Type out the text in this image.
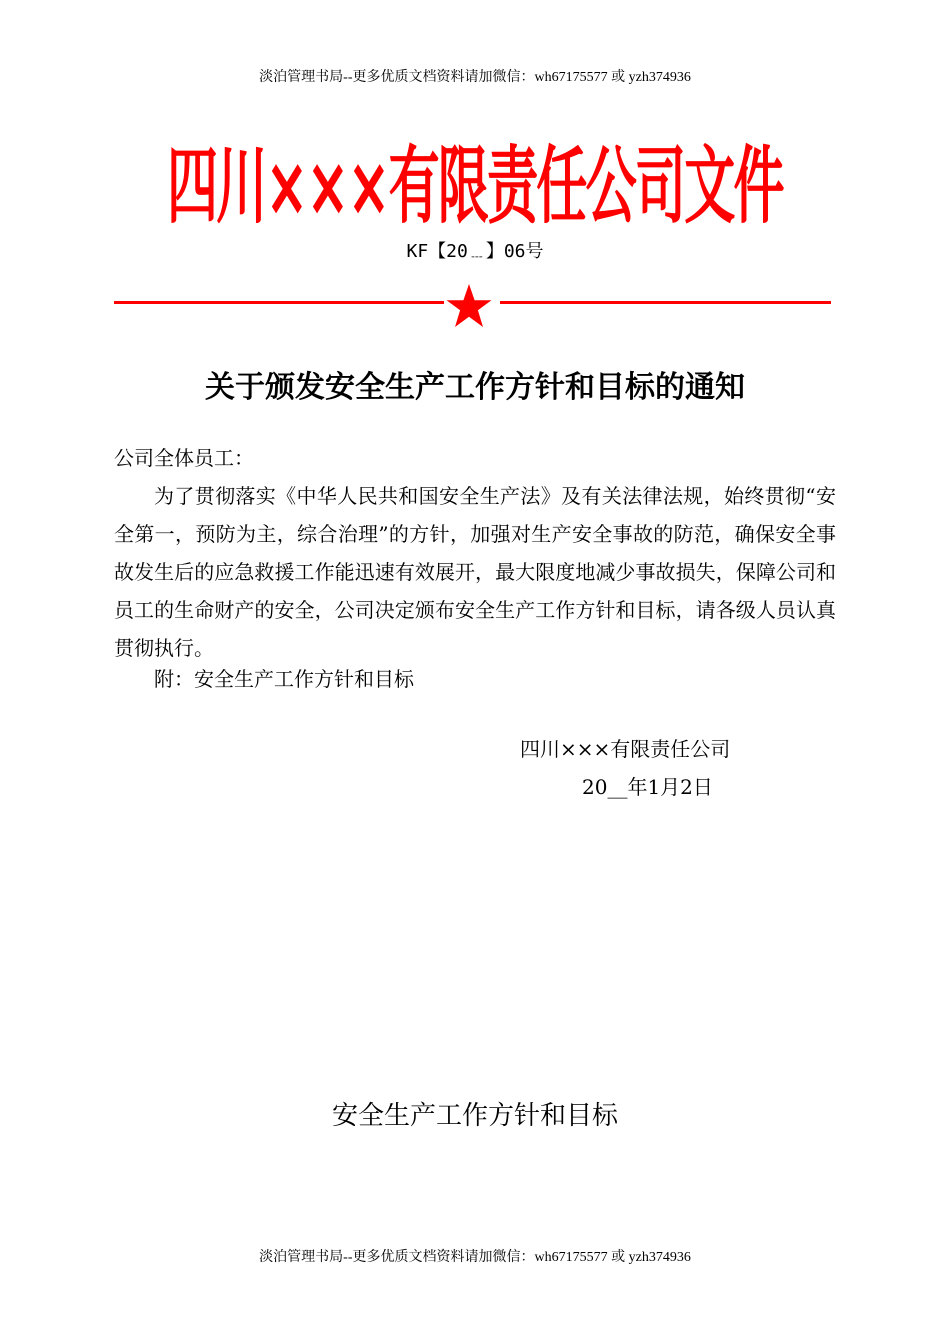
淡泊管理书局--更多优质文档资料请加微信：wh67175577 或 yzh374936
四川×××有限责任公司文件
KF【20﹍】06号
关于颁发安全生产工作方针和目标的通知
公司全体员工：
为了贯彻落实《中华人民共和国安全生产法》及有关法律法规，始终贯彻“安全第一，预防为主，综合治理”的方针，加强对生产安全事故的防范，确保安全事故发生后的应急救援工作能迅速有效展开，最大限度地减少事故损失，保障公司和员工的生命财产的安全，公司决定颁布安全生产工作方针和目标，请各级人员认真贯彻执行。
附：安全生产工作方针和目标
四川×××有限责任公司
20__年1月2日
安全生产工作方针和目标
淡泊管理书局--更多优质文档资料请加微信：wh67175577 或 yzh374936
